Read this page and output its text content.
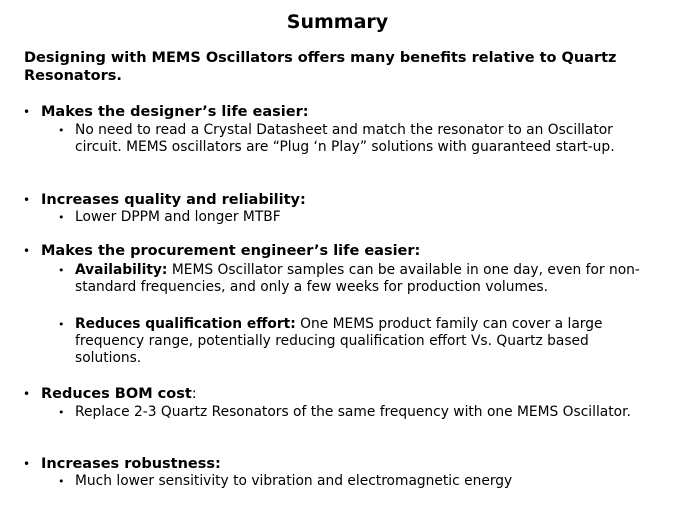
Summary
Designing with MEMS Oscillators offers many benefits relative to Quartz Resonators.
• Makes the designer’s life easier:
• No need to read a Crystal Datasheet and match the resonator to an Oscillator circuit. MEMS oscillators are “Plug ‘n Play” solutions with guaranteed start-up.
• Increases quality and reliability:
• Lower DPPM and longer MTBF
• Makes the procurement engineer’s life easier:
• Availability: MEMS Oscillator samples can be available in one day, even for non-standard frequencies, and only a few weeks for production volumes.
• Reduces qualification effort: One MEMS product family can cover a large frequency range, potentially reducing qualification effort Vs. Quartz based solutions.
• Reduces BOM cost:
• Replace 2-3 Quartz Resonators of the same frequency with one MEMS Oscillator.
• Increases robustness:
• Much lower sensitivity to vibration and electromagnetic energy
